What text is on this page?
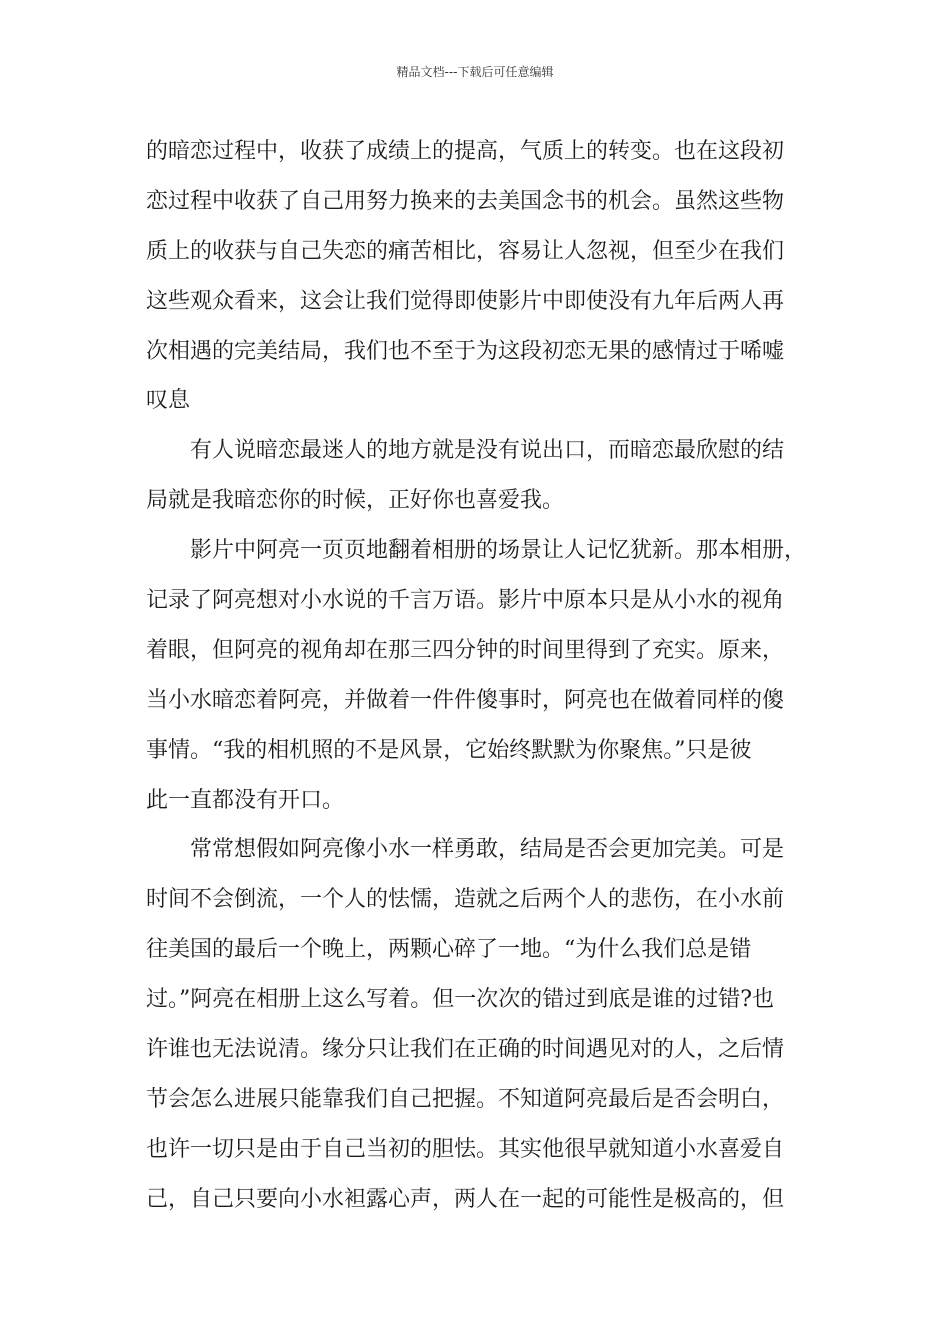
精品文档---下载后可任意编辑
的暗恋过程中，收获了成绩上的提高，气质上的转变。也在这段初
恋过程中收获了自己用努力换来的去美国念书的机会。虽然这些物
质上的收获与自己失恋的痛苦相比，容易让人忽视，但至少在我们
这些观众看来，这会让我们觉得即使影片中即使没有九年后两人再
次相遇的完美结局，我们也不至于为这段初恋无果的感情过于唏嘘
叹息
有人说暗恋最迷人的地方就是没有说出口，而暗恋最欣慰的结
局就是我暗恋你的时候，正好你也喜爱我。
影片中阿亮一页页地翻着相册的场景让人记忆犹新。那本相册，
记录了阿亮想对小水说的千言万语。影片中原本只是从小水的视角
着眼，但阿亮的视角却在那三四分钟的时间里得到了充实。原来，
当小水暗恋着阿亮，并做着一件件傻事时，阿亮也在做着同样的傻
事情。“我的相机照的不是风景，它始终默默为你聚焦。”只是彼
此一直都没有开口。
常常想假如阿亮像小水一样勇敢，结局是否会更加完美。可是
时间不会倒流，一个人的怯懦，造就之后两个人的悲伤，在小水前
往美国的最后一个晚上，两颗心碎了一地。“为什么我们总是错
过。”阿亮在相册上这么写着。但一次次的错过到底是谁的过错?也
许谁也无法说清。缘分只让我们在正确的时间遇见对的人，之后情
节会怎么进展只能靠我们自己把握。不知道阿亮最后是否会明白，
也许一切只是由于自己当初的胆怯。其实他很早就知道小水喜爱自
己，自己只要向小水袒露心声，两人在一起的可能性是极高的，但
